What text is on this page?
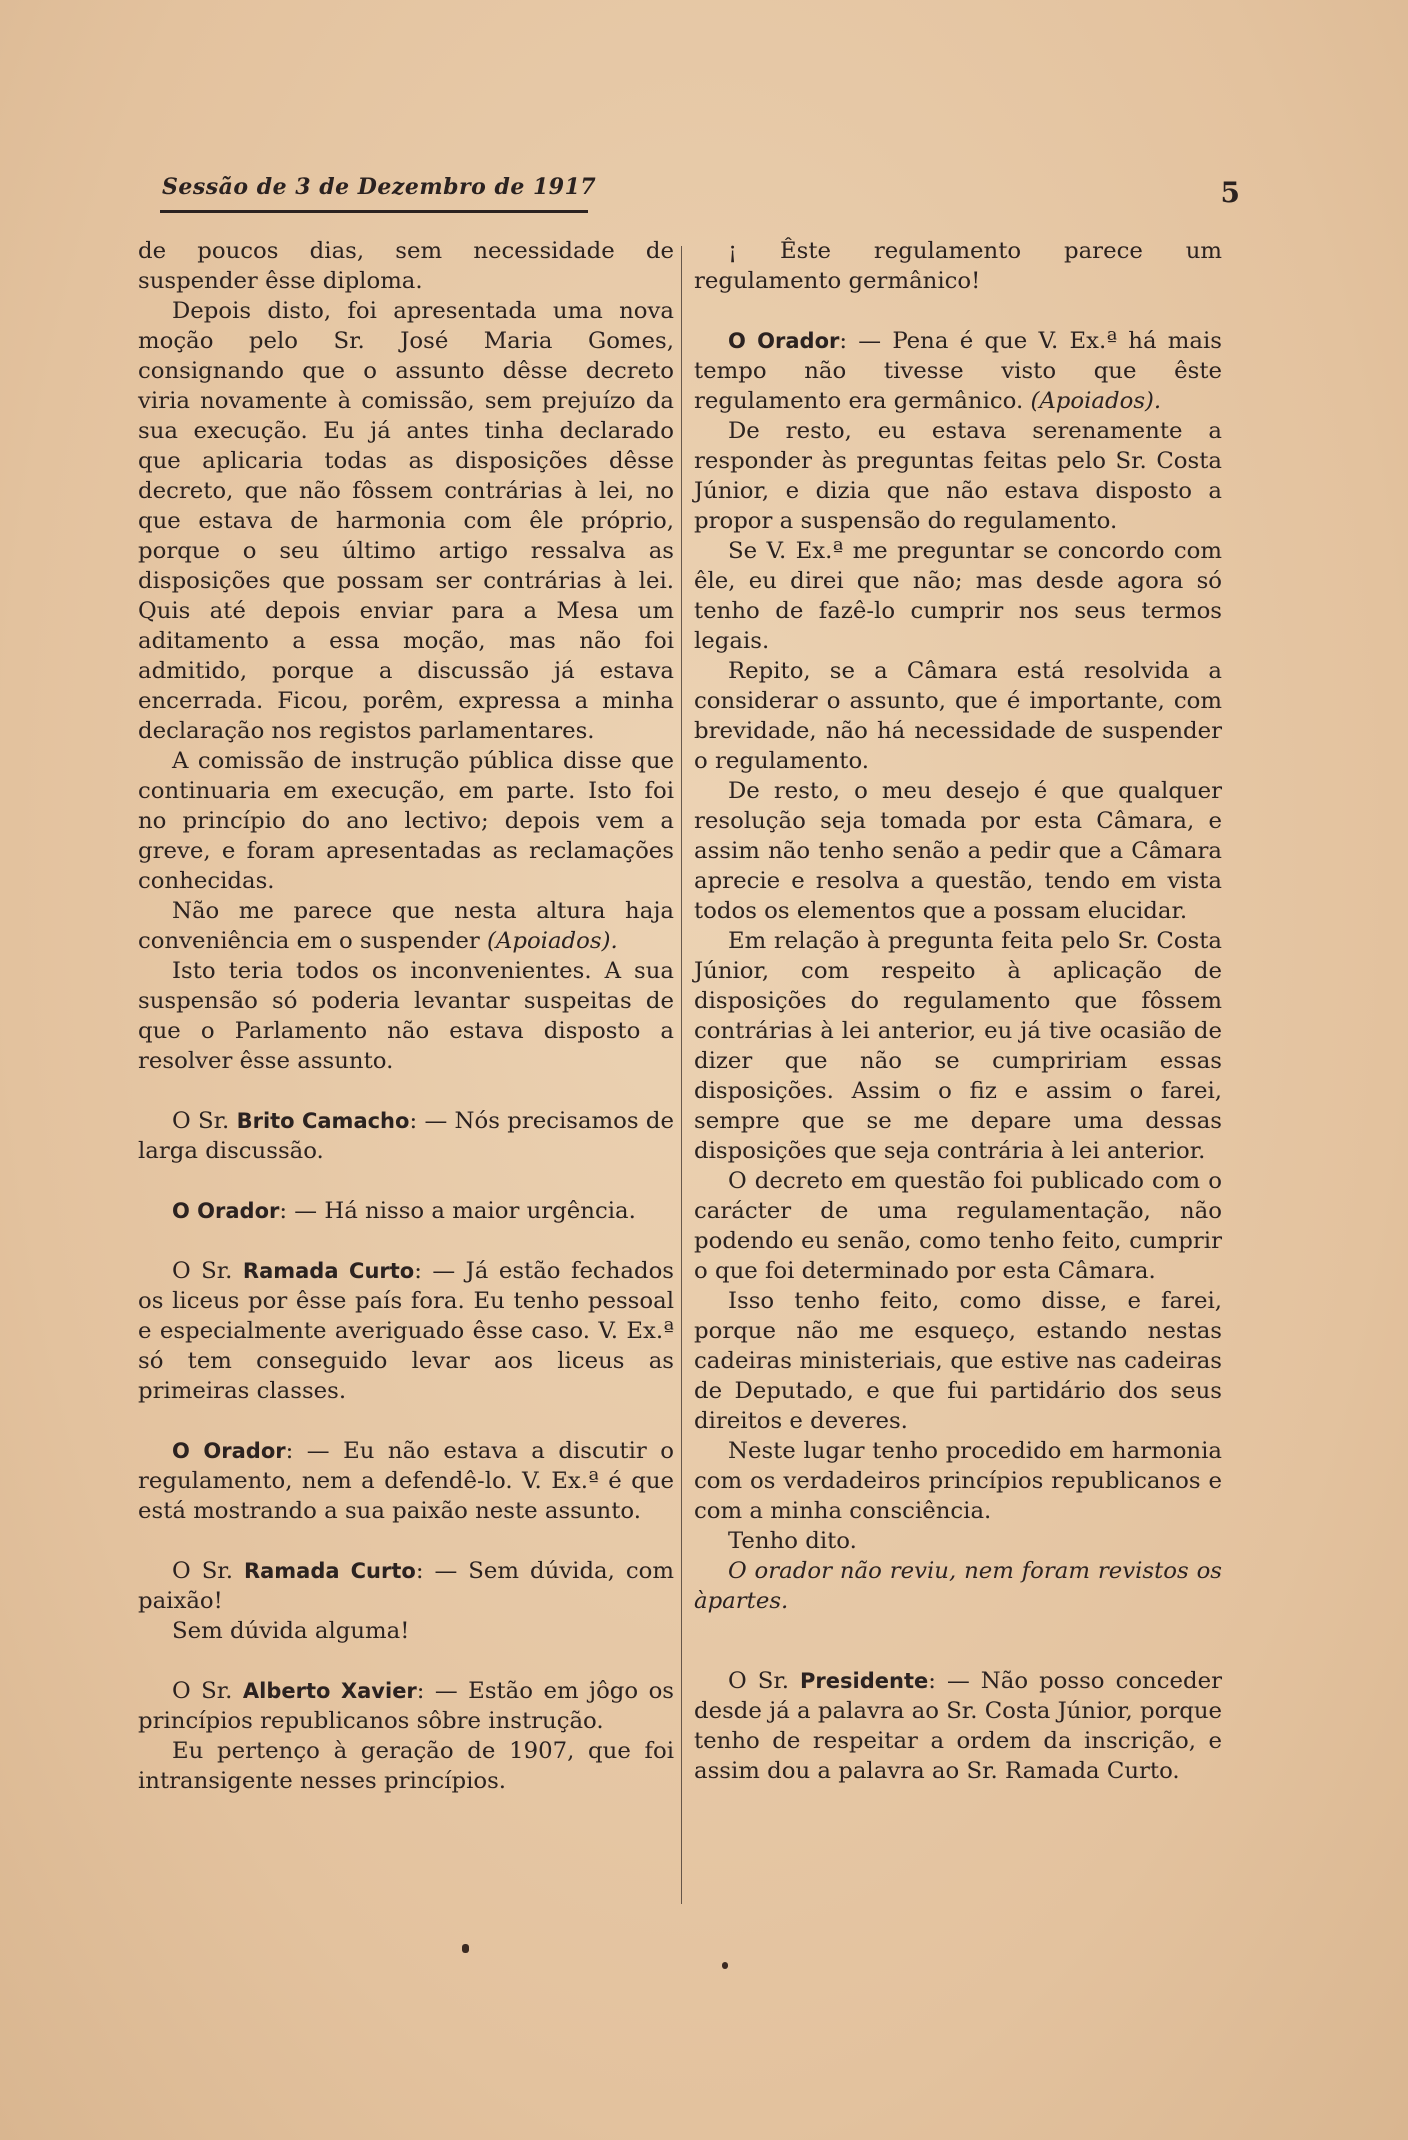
Sessão de 3 de Dezembro de 1917	5

de poucos dias, sem necessidade de suspender êsse diploma.

Depois disto, foi apresentada uma nova moção pelo Sr. José Maria Gomes, consignando que o assunto dêsse decreto viria novamente à comissão, sem prejuízo da sua execução. Eu já antes tinha declarado que aplicaria todas as disposições dêsse decreto, que não fôssem contrárias à lei, no que estava de harmonia com êle próprio, porque o seu último artigo ressalva as disposições que possam ser contrárias à lei. Quis até depois enviar para a Mesa um aditamento a essa moção, mas não foi admitido, porque a discussão já estava encerrada. Ficou, porêm, expressa a minha declaração nos registos parlamentares.

A comissão de instrução pública disse que continuaria em execução, em parte. Isto foi no princípio do ano lectivo; depois vem a greve, e foram apresentadas as reclamações conhecidas.

Não me parece que nesta altura haja conveniência em o suspender (Apoiados).

Isto teria todos os inconvenientes. A sua suspensão só poderia levantar suspeitas de que o Parlamento não estava disposto a resolver êsse assunto.

O Sr. Brito Camacho: — Nós precisamos de larga discussão.

O Orador: — Há nisso a maior urgência.

O Sr. Ramada Curto: — Já estão fechados os liceus por êsse país fora. Eu tenho pessoal e especialmente averiguado êsse caso. V. Ex.ª só tem conseguido levar aos liceus as primeiras classes.

O Orador: — Eu não estava a discutir o regulamento, nem a defendê-lo. V. Ex.ª é que está mostrando a sua paixão neste assunto.

O Sr. Ramada Curto: — Sem dúvida, com paixão!

Sem dúvida alguma!

O Sr. Alberto Xavier: — Estão em jôgo os princípios republicanos sôbre instrução.

Eu pertenço à geração de 1907, que foi intransigente nesses princípios.

¡ Êste regulamento parece um regulamento germânico!

O Orador: — Pena é que V. Ex.ª há mais tempo não tivesse visto que êste regulamento era germânico. (Apoiados).

De resto, eu estava serenamente a responder às preguntas feitas pelo Sr. Costa Júnior, e dizia que não estava disposto a propor a suspensão do regulamento.

Se V. Ex.ª me preguntar se concordo com êle, eu direi que não; mas desde agora só tenho de fazê-lo cumprir nos seus termos legais.

Repito, se a Câmara está resolvida a considerar o assunto, que é importante, com brevidade, não há necessidade de suspender o regulamento.

De resto, o meu desejo é que qualquer resolução seja tomada por esta Câmara, e assim não tenho senão a pedir que a Câmara aprecie e resolva a questão, tendo em vista todos os elementos que a possam elucidar.

Em relação à pregunta feita pelo Sr. Costa Júnior, com respeito à aplicação de disposições do regulamento que fôssem contrárias à lei anterior, eu já tive ocasião de dizer que não se cumpririam essas disposições. Assim o fiz e assim o farei, sempre que se me depare uma dessas disposições que seja contrária à lei anterior.

O decreto em questão foi publicado com o carácter de uma regulamentação, não podendo eu senão, como tenho feito, cumprir o que foi determinado por esta Câmara.

Isso tenho feito, como disse, e farei, porque não me esqueço, estando nestas cadeiras ministeriais, que estive nas cadeiras de Deputado, e que fui partidário dos seus direitos e deveres.

Neste lugar tenho procedido em harmonia com os verdadeiros princípios republicanos e com a minha consciência.

Tenho dito.

O orador não reviu, nem foram revistos os àpartes.

O Sr. Presidente: — Não posso conceder desde já a palavra ao Sr. Costa Júnior, porque tenho de respeitar a ordem da inscrição, e assim dou a palavra ao Sr. Ramada Curto.
